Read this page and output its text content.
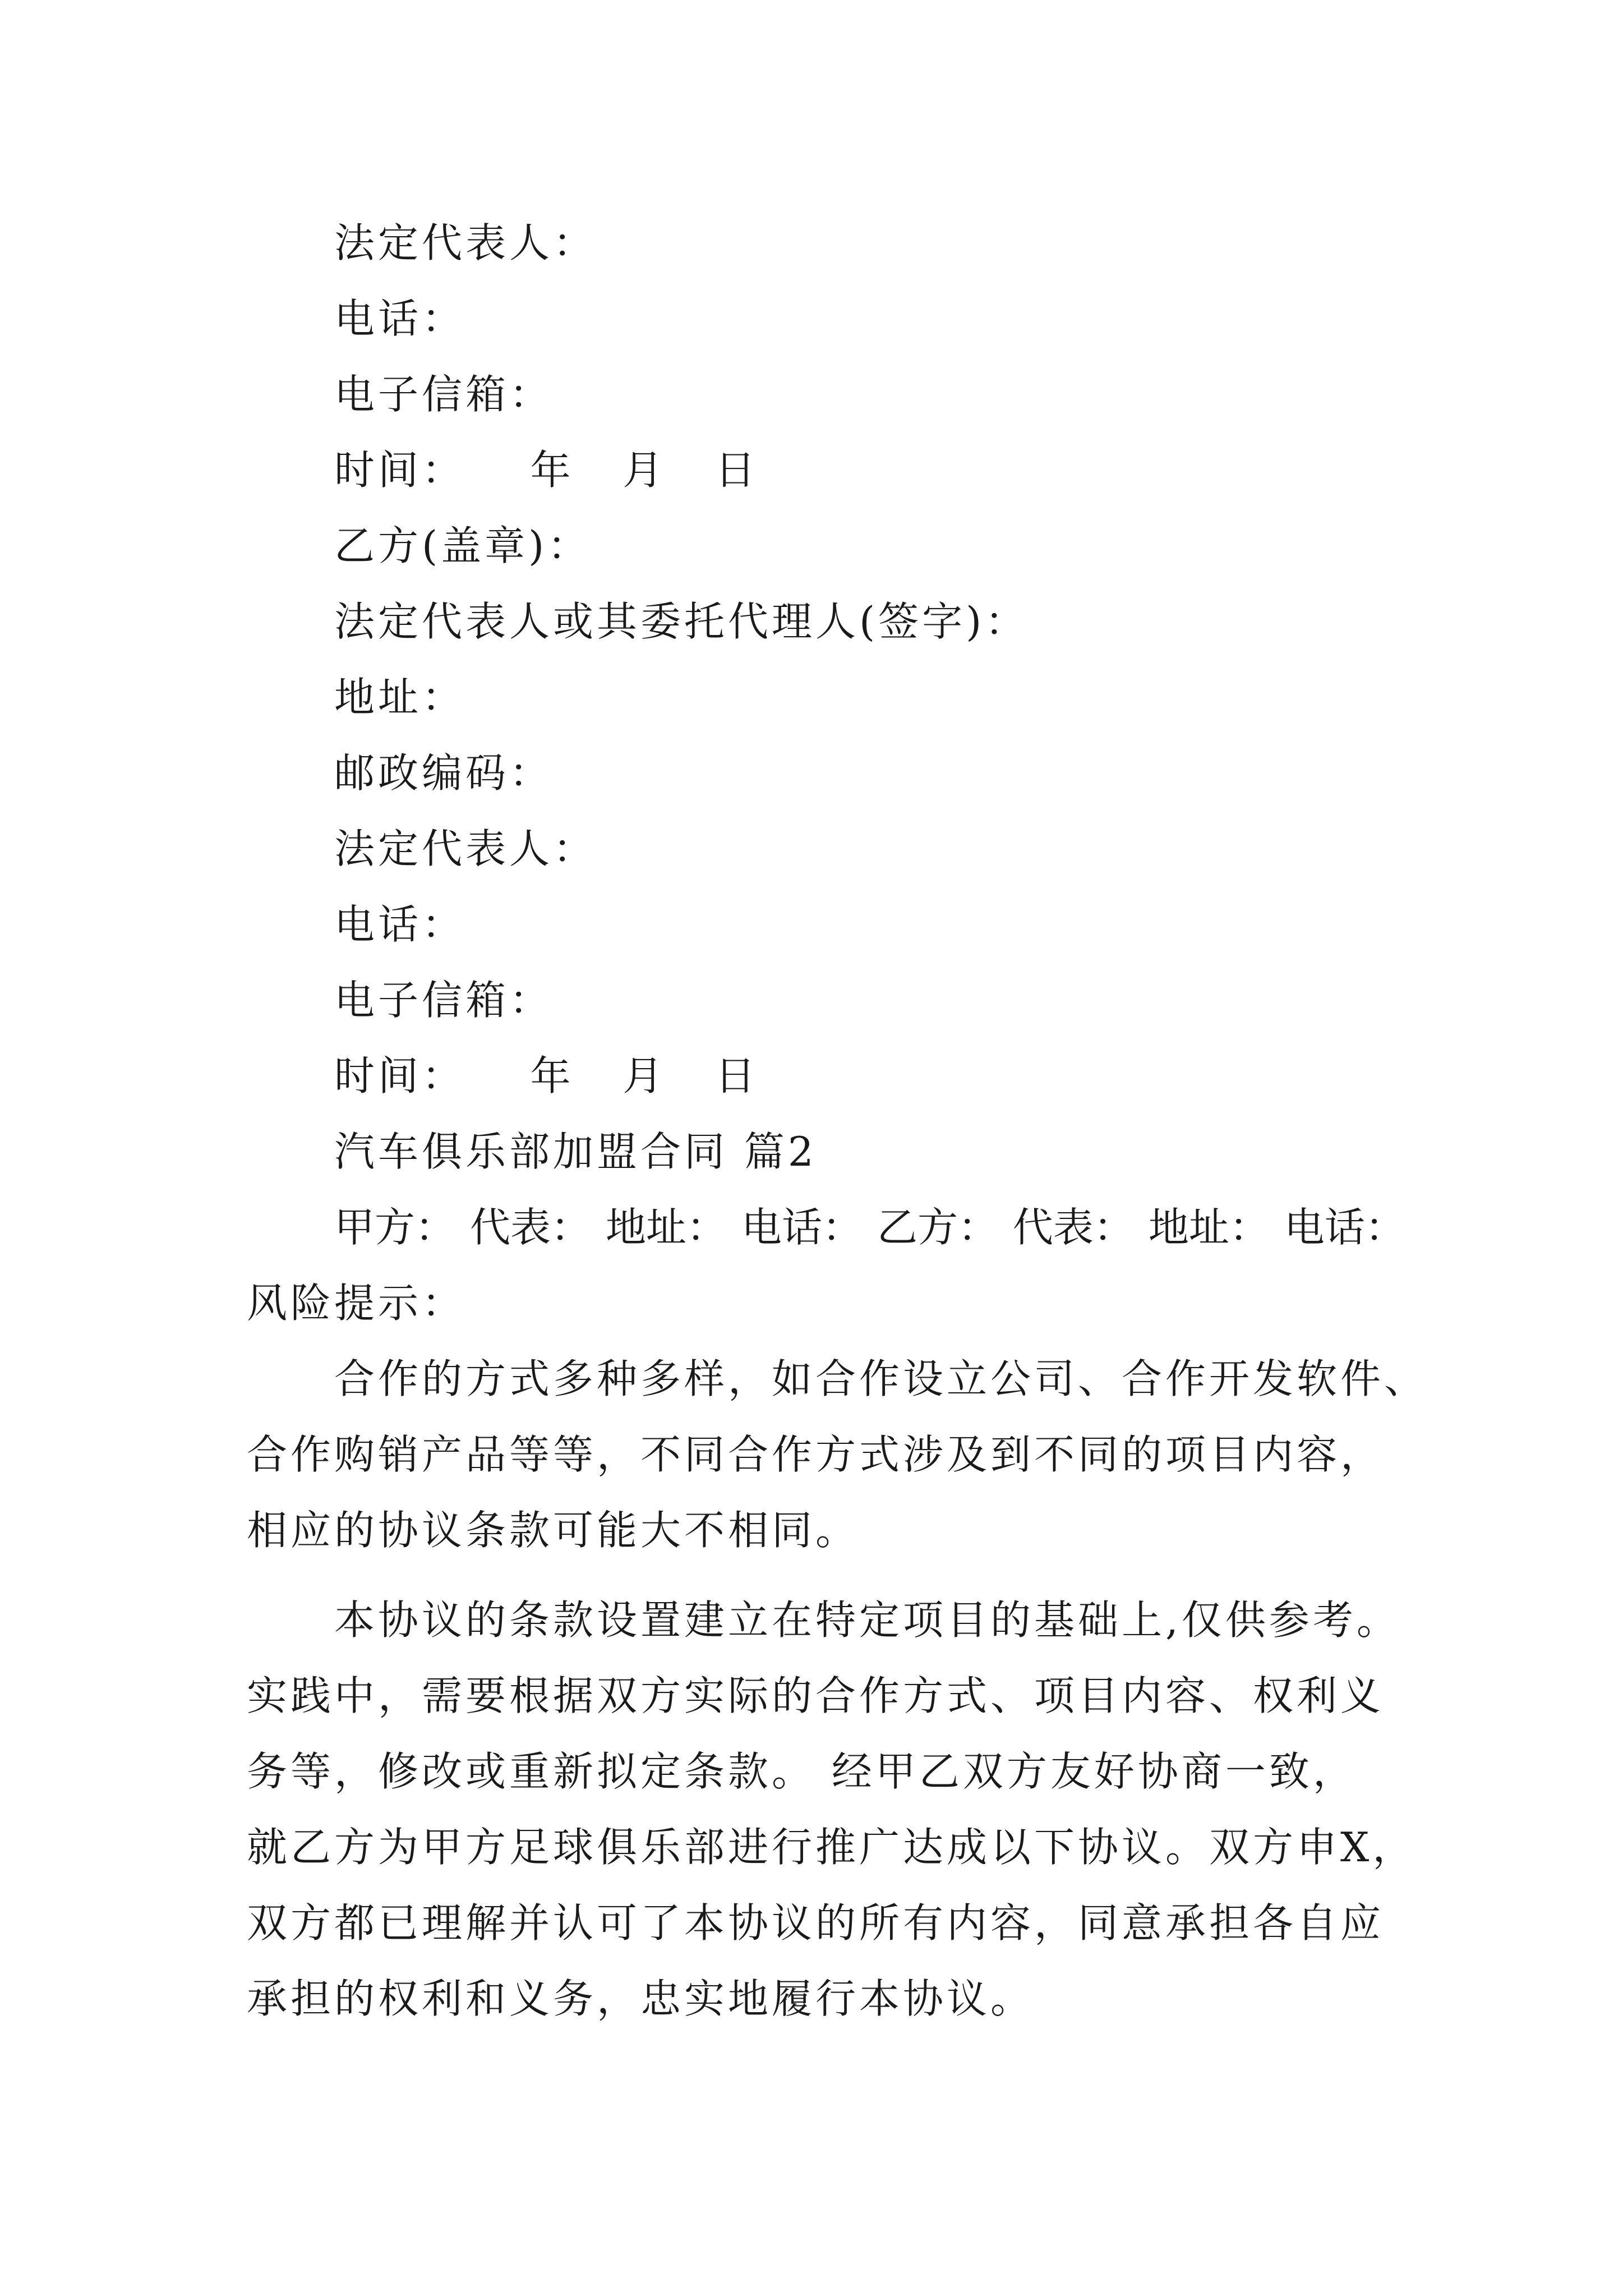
法定代表人：
电话：
电子信箱：
时间：    年   月   日
乙方(盖章)：
法定代表人或其委托代理人(签字)：
地址：
邮政编码：
法定代表人：
电话：
电子信箱：
时间：    年   月   日
汽车俱乐部加盟合同 篇2
甲方： 代表： 地址： 电话： 乙方： 代表： 地址： 电话：
风险提示：
合作的方式多种多样，如合作设立公司、合作开发软件、
合作购销产品等等，不同合作方式涉及到不同的项目内容，
相应的协议条款可能大不相同。
本协议的条款设置建立在特定项目的基础上,仅供参考。
实践中，需要根据双方实际的合作方式、项目内容、权利义
务等，修改或重新拟定条款。 经甲乙双方友好协商一致，
就乙方为甲方足球俱乐部进行推广达成以下协议。双方申X，
双方都已理解并认可了本协议的所有内容，同意承担各自应
承担的权利和义务，忠实地履行本协议。
